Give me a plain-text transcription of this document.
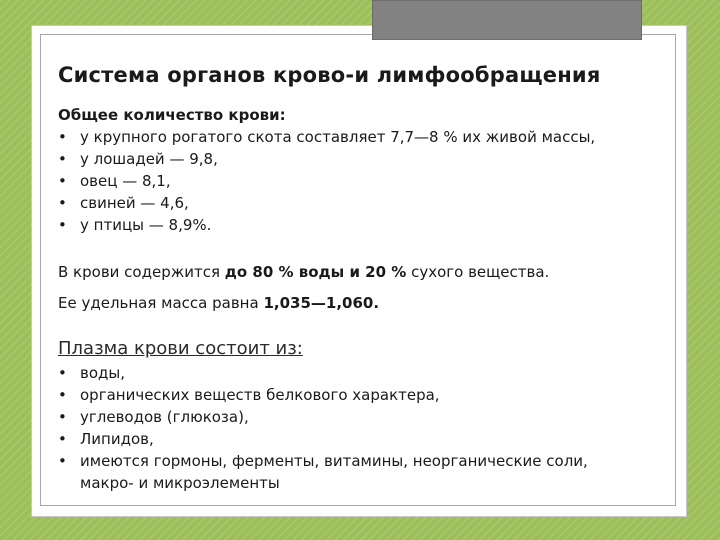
Система органов крово-и лимфообращения
Общее количество крови:
• у крупного рогатого скота составляет 7,7—8 % их живой массы,
• у лошадей — 9,8,
• овец — 8,1,
• свиней — 4,6,
• у птицы — 8,9%.
В крови содержится до 80 % воды и 20 % сухого вещества.
Ее удельная масса равна 1,035—1,060.
Плазма крови состоит из:
• воды,
• органических веществ белкового характера,
• углеводов (глюкоза),
• Липидов,
• имеются гормоны, ферменты, витамины, неорганические соли, макро- и микроэлементы
